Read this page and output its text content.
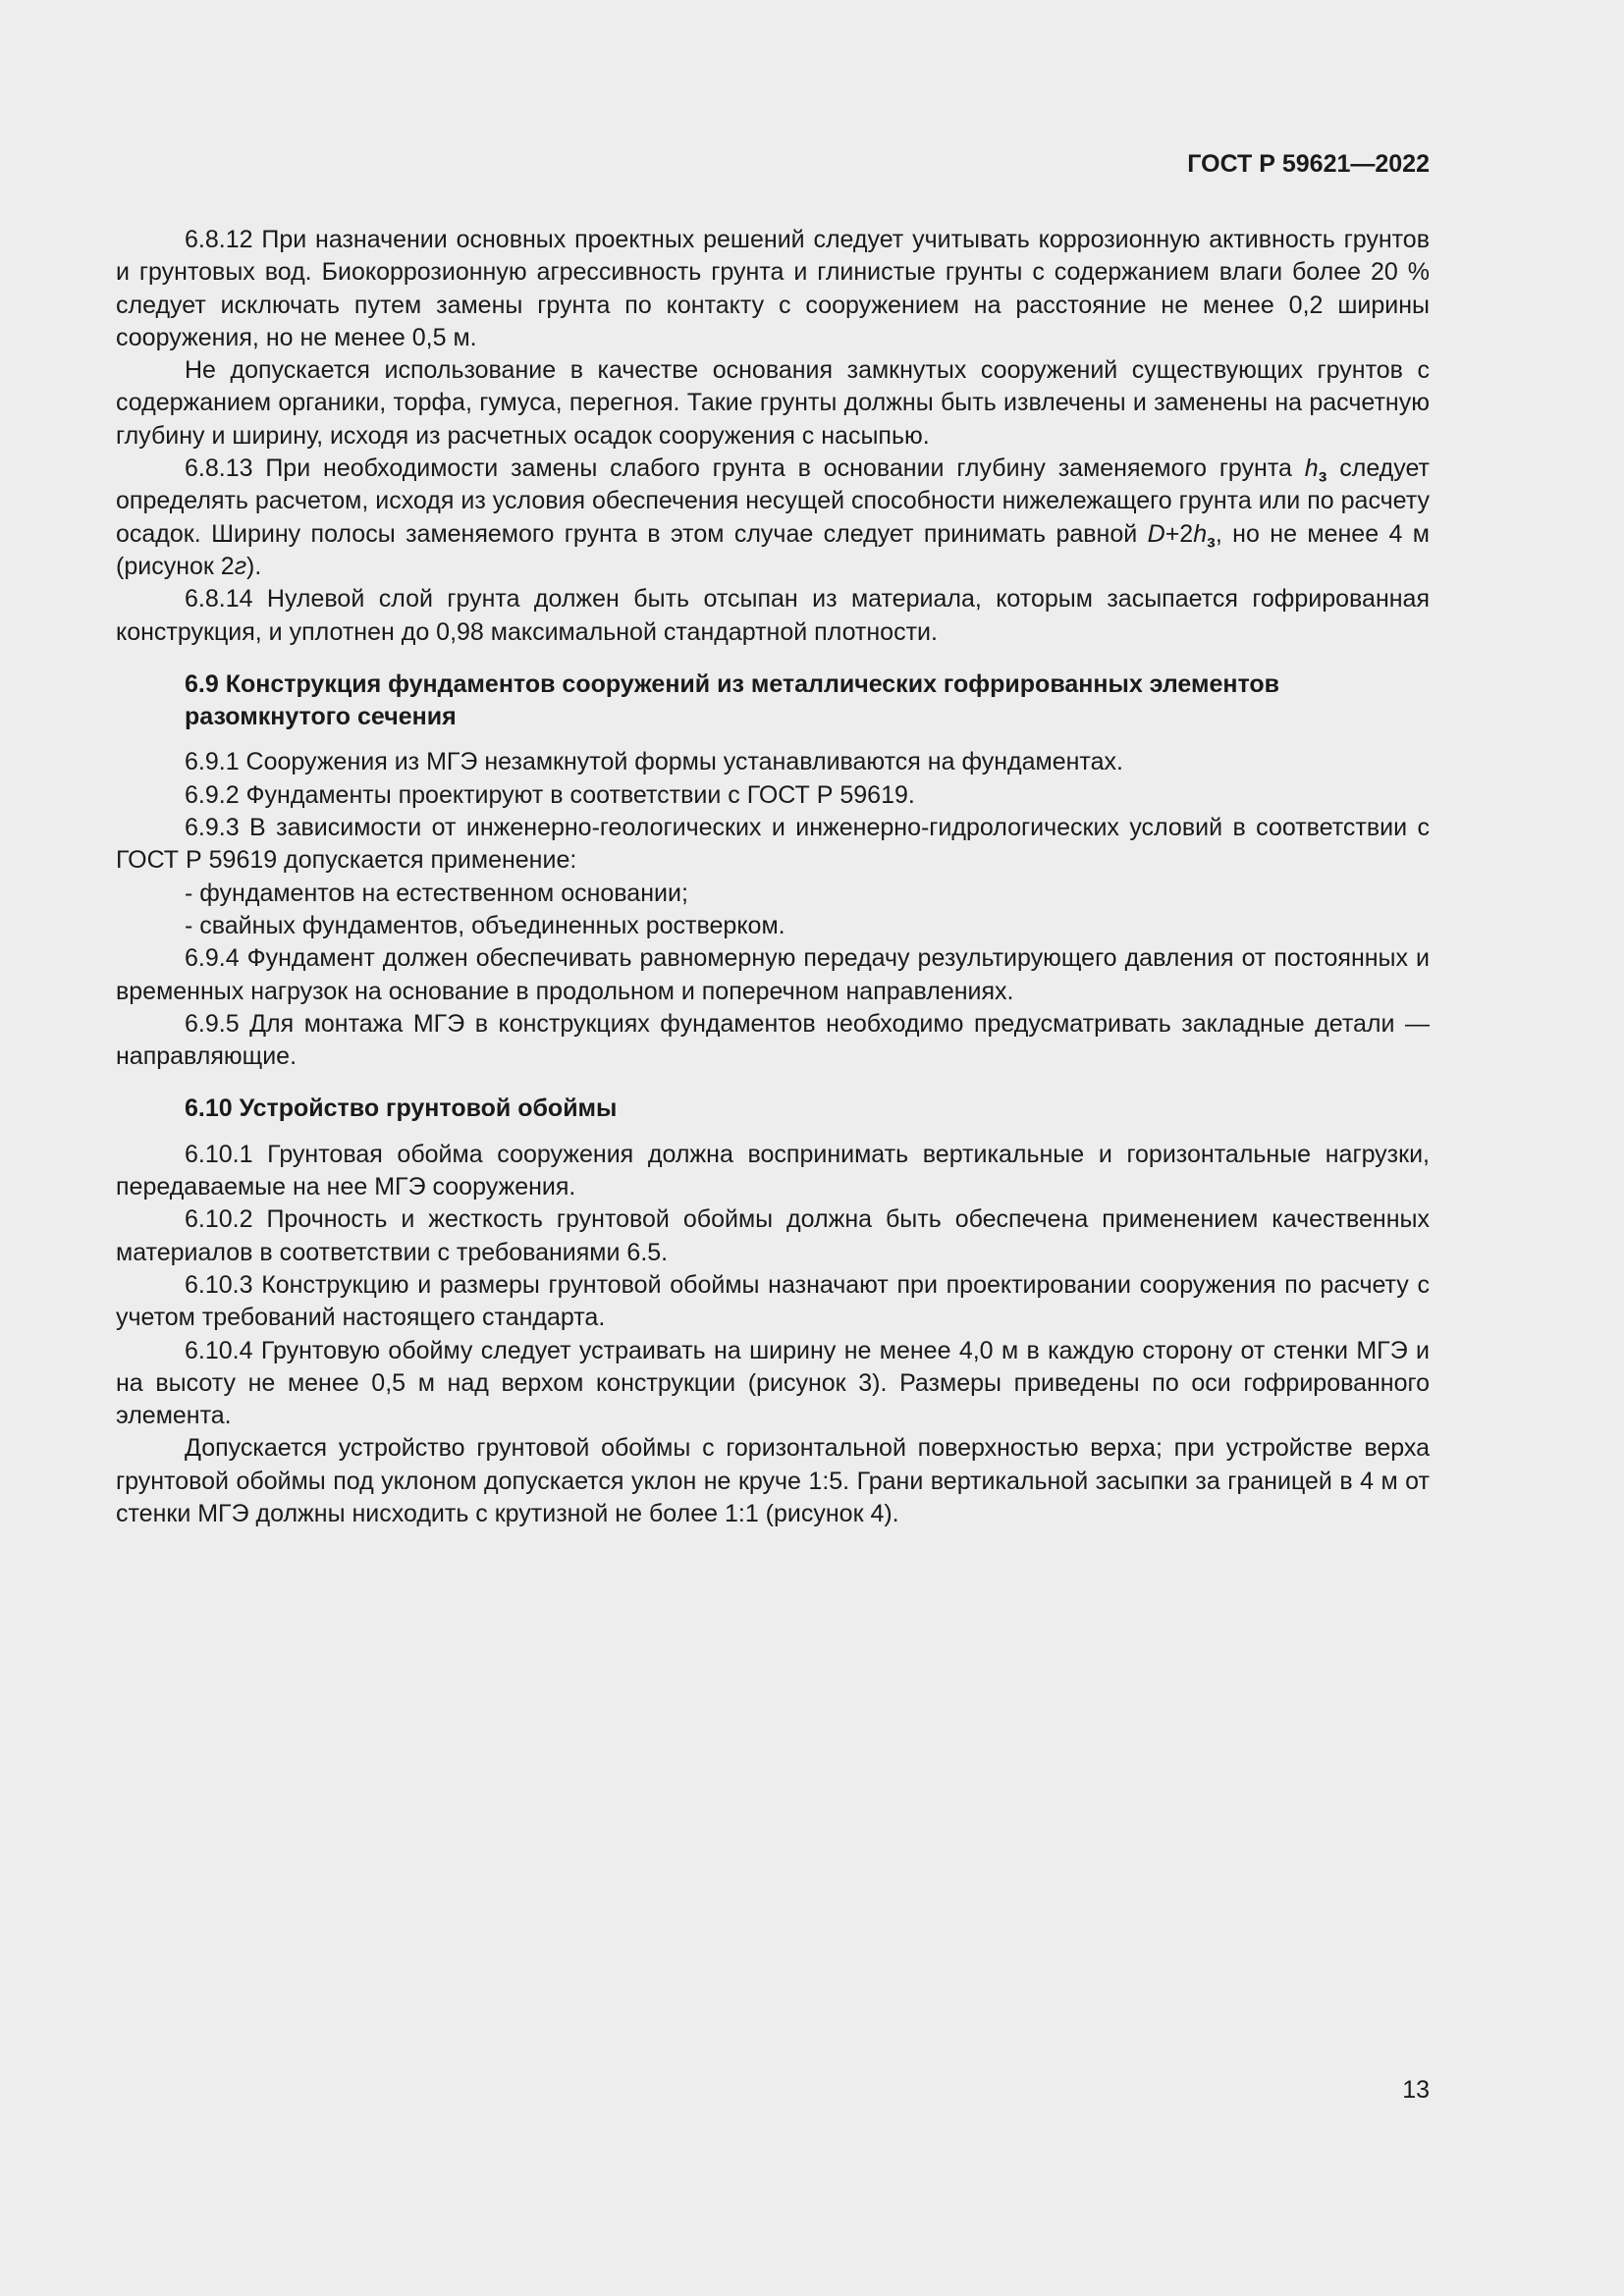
ГОСТ Р 59621—2022

6.8.12 При назначении основных проектных решений следует учитывать коррозионную активность грунтов и грунтовых вод. Биокоррозионную агрессивность грунта и глинистые грунты с содержанием влаги более 20 % следует исключать путем замены грунта по контакту с сооружением на расстояние не менее 0,2 ширины сооружения, но не менее 0,5 м.

Не допускается использование в качестве основания замкнутых сооружений существующих грунтов с содержанием органики, торфа, гумуса, перегноя. Такие грунты должны быть извлечены и заменены на расчетную глубину и ширину, исходя из расчетных осадок сооружения с насыпью.

6.8.13 При необходимости замены слабого грунта в основании глубину заменяемого грунта $h_з$ следует определять расчетом, исходя из условия обеспечения несущей способности нижележащего грунта или по расчету осадок. Ширину полосы заменяемого грунта в этом случае следует принимать равной $D+2h_з$, но не менее 4 м (рисунок 2г).

6.8.14 Нулевой слой грунта должен быть отсыпан из материала, которым засыпается гофрированная конструкция, и уплотнен до 0,98 максимальной стандартной плотности.

6.9 Конструкция фундаментов сооружений из металлических гофрированных элементов разомкнутого сечения

6.9.1 Сооружения из МГЭ незамкнутой формы устанавливаются на фундаментах.

6.9.2 Фундаменты проектируют в соответствии с ГОСТ Р 59619.

6.9.3 В зависимости от инженерно-геологических и инженерно-гидрологических условий в соответствии с ГОСТ Р 59619 допускается применение:

- фундаментов на естественном основании;

- свайных фундаментов, объединенных ростверком.

6.9.4 Фундамент должен обеспечивать равномерную передачу результирующего давления от постоянных и временных нагрузок на основание в продольном и поперечном направлениях.

6.9.5 Для монтажа МГЭ в конструкциях фундаментов необходимо предусматривать закладные детали — направляющие.

6.10 Устройство грунтовой обоймы

6.10.1 Грунтовая обойма сооружения должна воспринимать вертикальные и горизонтальные нагрузки, передаваемые на нее МГЭ сооружения.

6.10.2 Прочность и жесткость грунтовой обоймы должна быть обеспечена применением качественных материалов в соответствии с требованиями 6.5.

6.10.3 Конструкцию и размеры грунтовой обоймы назначают при проектировании сооружения по расчету с учетом требований настоящего стандарта.

6.10.4 Грунтовую обойму следует устраивать на ширину не менее 4,0 м в каждую сторону от стенки МГЭ и на высоту не менее 0,5 м над верхом конструкции (рисунок 3). Размеры приведены по оси гофрированного элемента.

Допускается устройство грунтовой обоймы с горизонтальной поверхностью верха; при устройстве верха грунтовой обоймы под уклоном допускается уклон не круче 1:5. Грани вертикальной засыпки за границей в 4 м от стенки МГЭ должны нисходить с крутизной не более 1:1 (рисунок 4).

13
